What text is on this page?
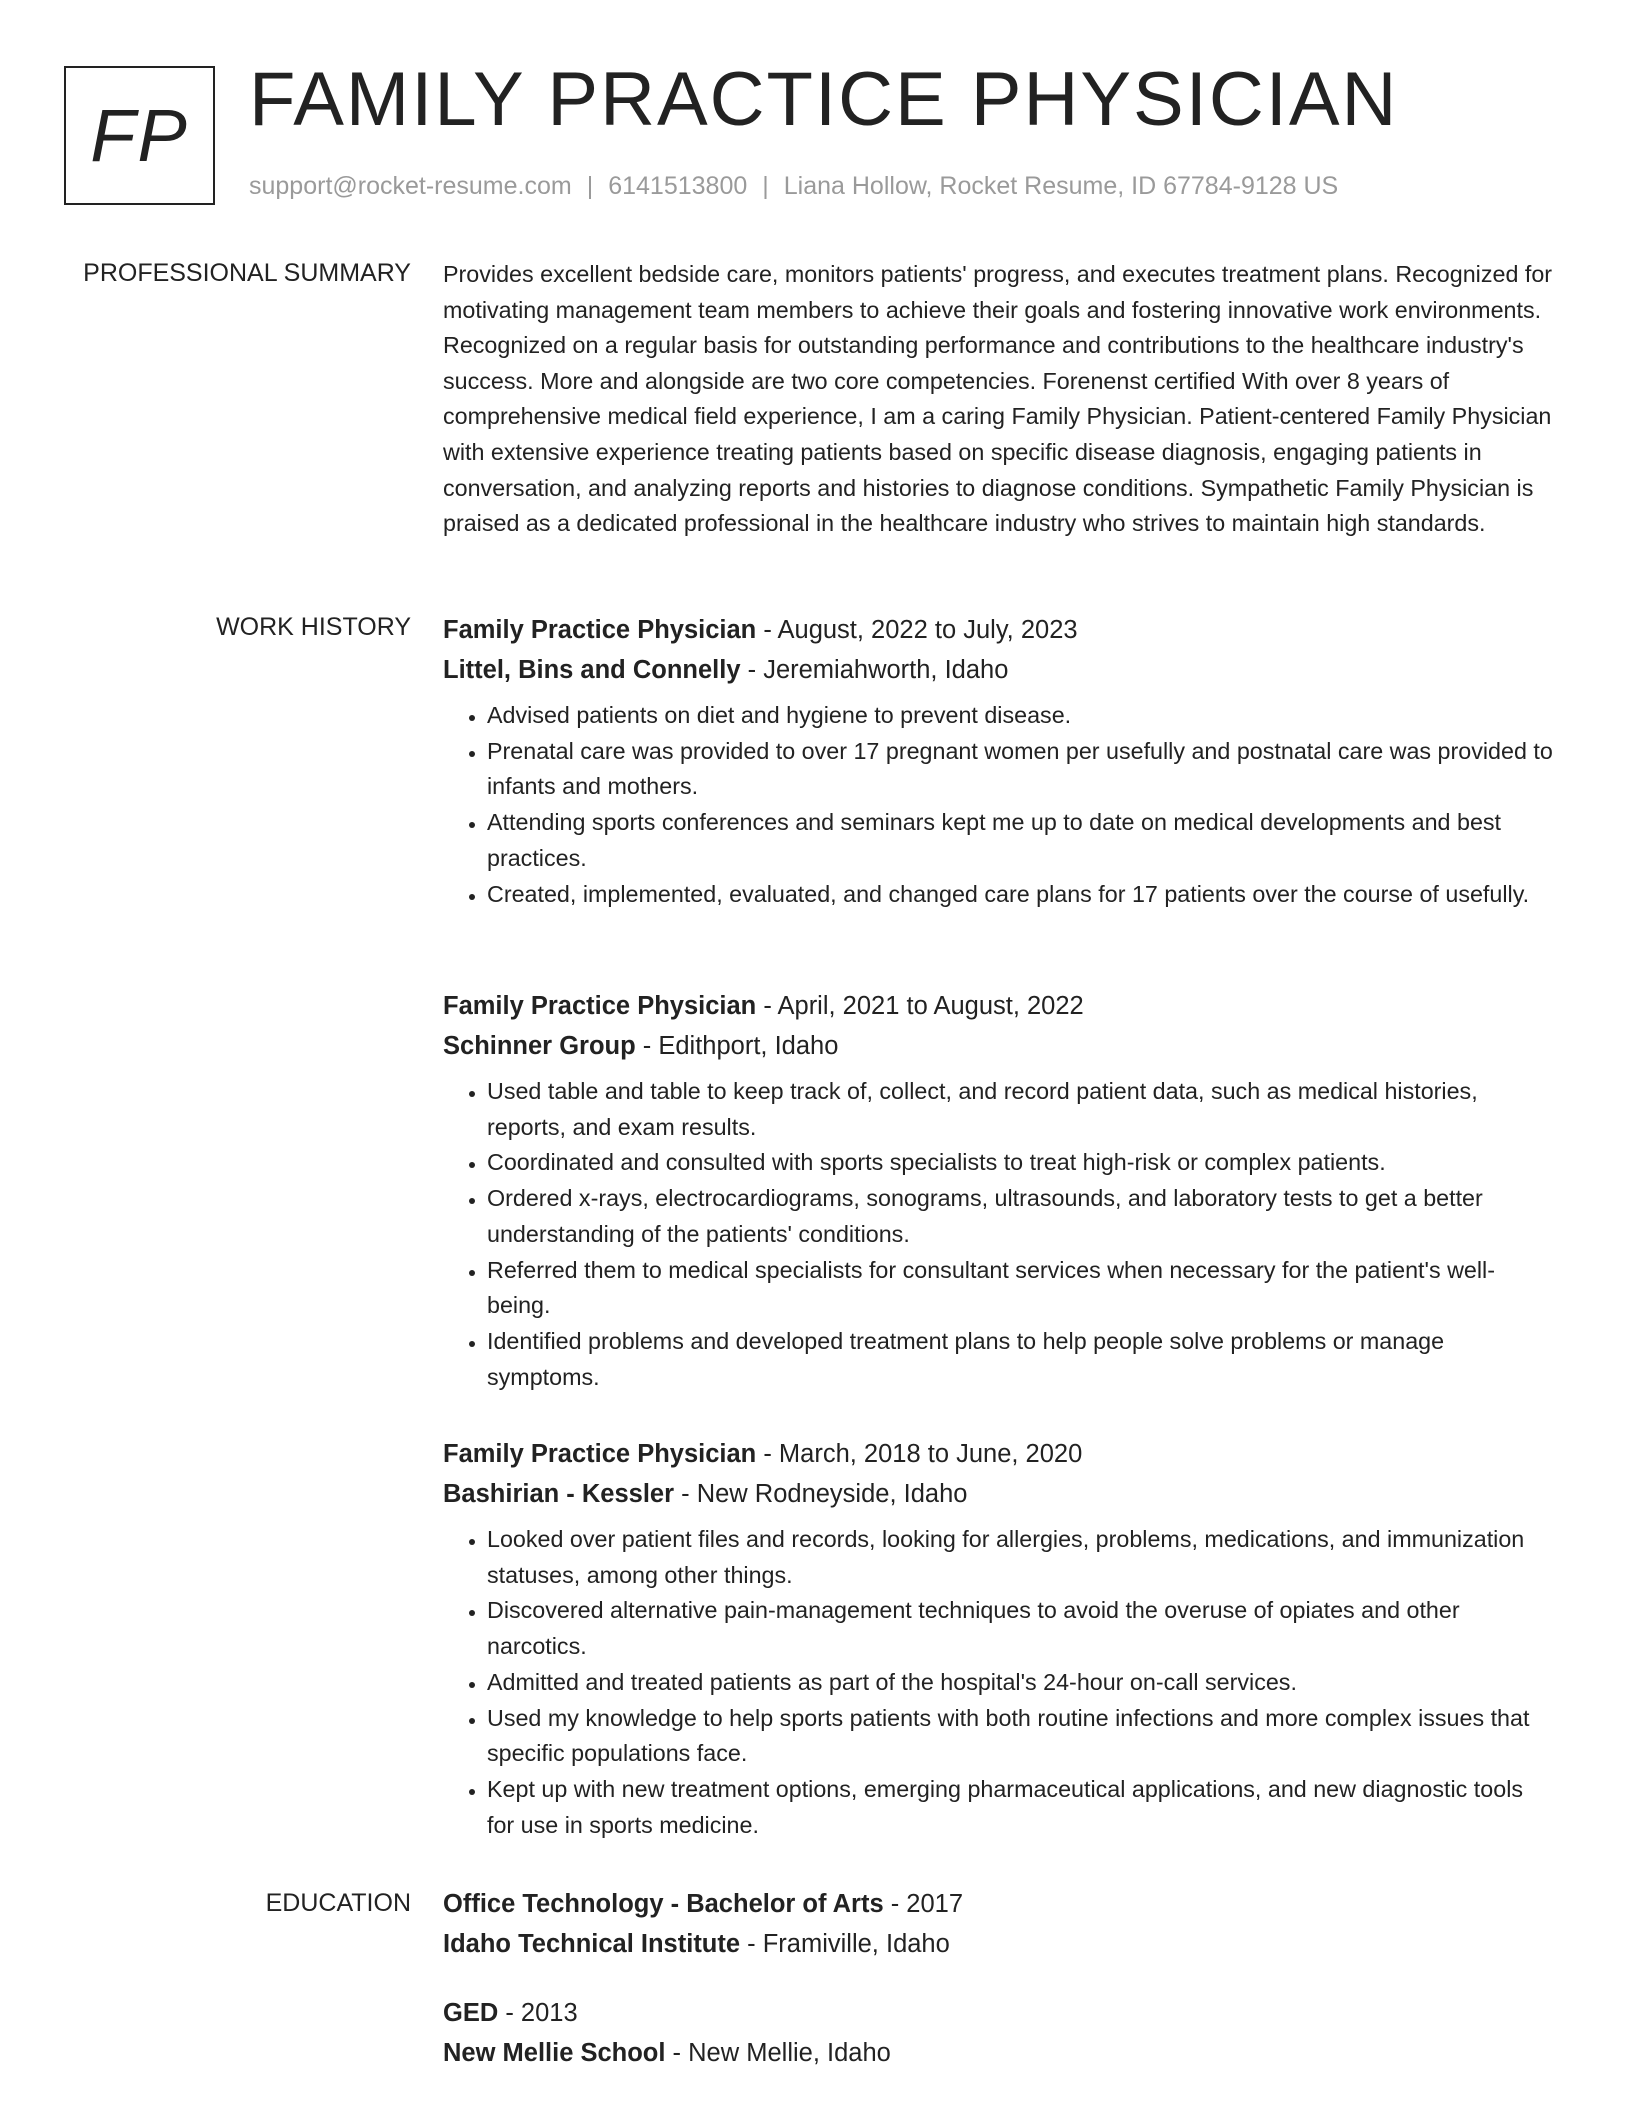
FP FAMILY PRACTICE PHYSICIAN
support@rocket-resume.com | 6141513800 | Liana Hollow, Rocket Resume, ID 67784-9128 US
PROFESSIONAL SUMMARY Provides excellent bedside care, monitors patients' progress, and executes treatment plans. Recognized for motivating management team members to achieve their goals and fostering innovative work environments. Recognized on a regular basis for outstanding performance and contributions to the healthcare industry's success. More and alongside are two core competencies. Forenenst certified With over 8 years of comprehensive medical field experience, I am a caring Family Physician. Patient-centered Family Physician with extensive experience treating patients based on specific disease diagnosis, engaging patients in conversation, and analyzing reports and histories to diagnose conditions. Sympathetic Family Physician is praised as a dedicated professional in the healthcare industry who strives to maintain high standards.

WORK HISTORY Family Practice Physician - August, 2022 to July, 2023
Littel, Bins and Connelly - Jeremiahworth, Idaho
• Advised patients on diet and hygiene to prevent disease.
• Prenatal care was provided to over 17 pregnant women per usefully and postnatal care was provided to infants and mothers.
• Attending sports conferences and seminars kept me up to date on medical developments and best practices.
• Created, implemented, evaluated, and changed care plans for 17 patients over the course of usefully.
Family Practice Physician - April, 2021 to August, 2022
Schinner Group - Edithport, Idaho
• Used table and table to keep track of, collect, and record patient data, such as medical histories, reports, and exam results.
• Coordinated and consulted with sports specialists to treat high-risk or complex patients.
• Ordered x-rays, electrocardiograms, sonograms, ultrasounds, and laboratory tests to get a better understanding of the patients' conditions.
• Referred them to medical specialists for consultant services when necessary for the patient's well-being.
• Identified problems and developed treatment plans to help people solve problems or manage symptoms.
Family Practice Physician - March, 2018 to June, 2020
Bashirian - Kessler - New Rodneyside, Idaho
• Looked over patient files and records, looking for allergies, problems, medications, and immunization statuses, among other things.
• Discovered alternative pain-management techniques to avoid the overuse of opiates and other narcotics.
• Admitted and treated patients as part of the hospital's 24-hour on-call services.
• Used my knowledge to help sports patients with both routine infections and more complex issues that specific populations face.
• Kept up with new treatment options, emerging pharmaceutical applications, and new diagnostic tools for use in sports medicine.
EDUCATION Office Technology - Bachelor of Arts - 2017
Idaho Technical Institute - Framiville, Idaho
GED - 2013
New Mellie School - New Mellie, Idaho
